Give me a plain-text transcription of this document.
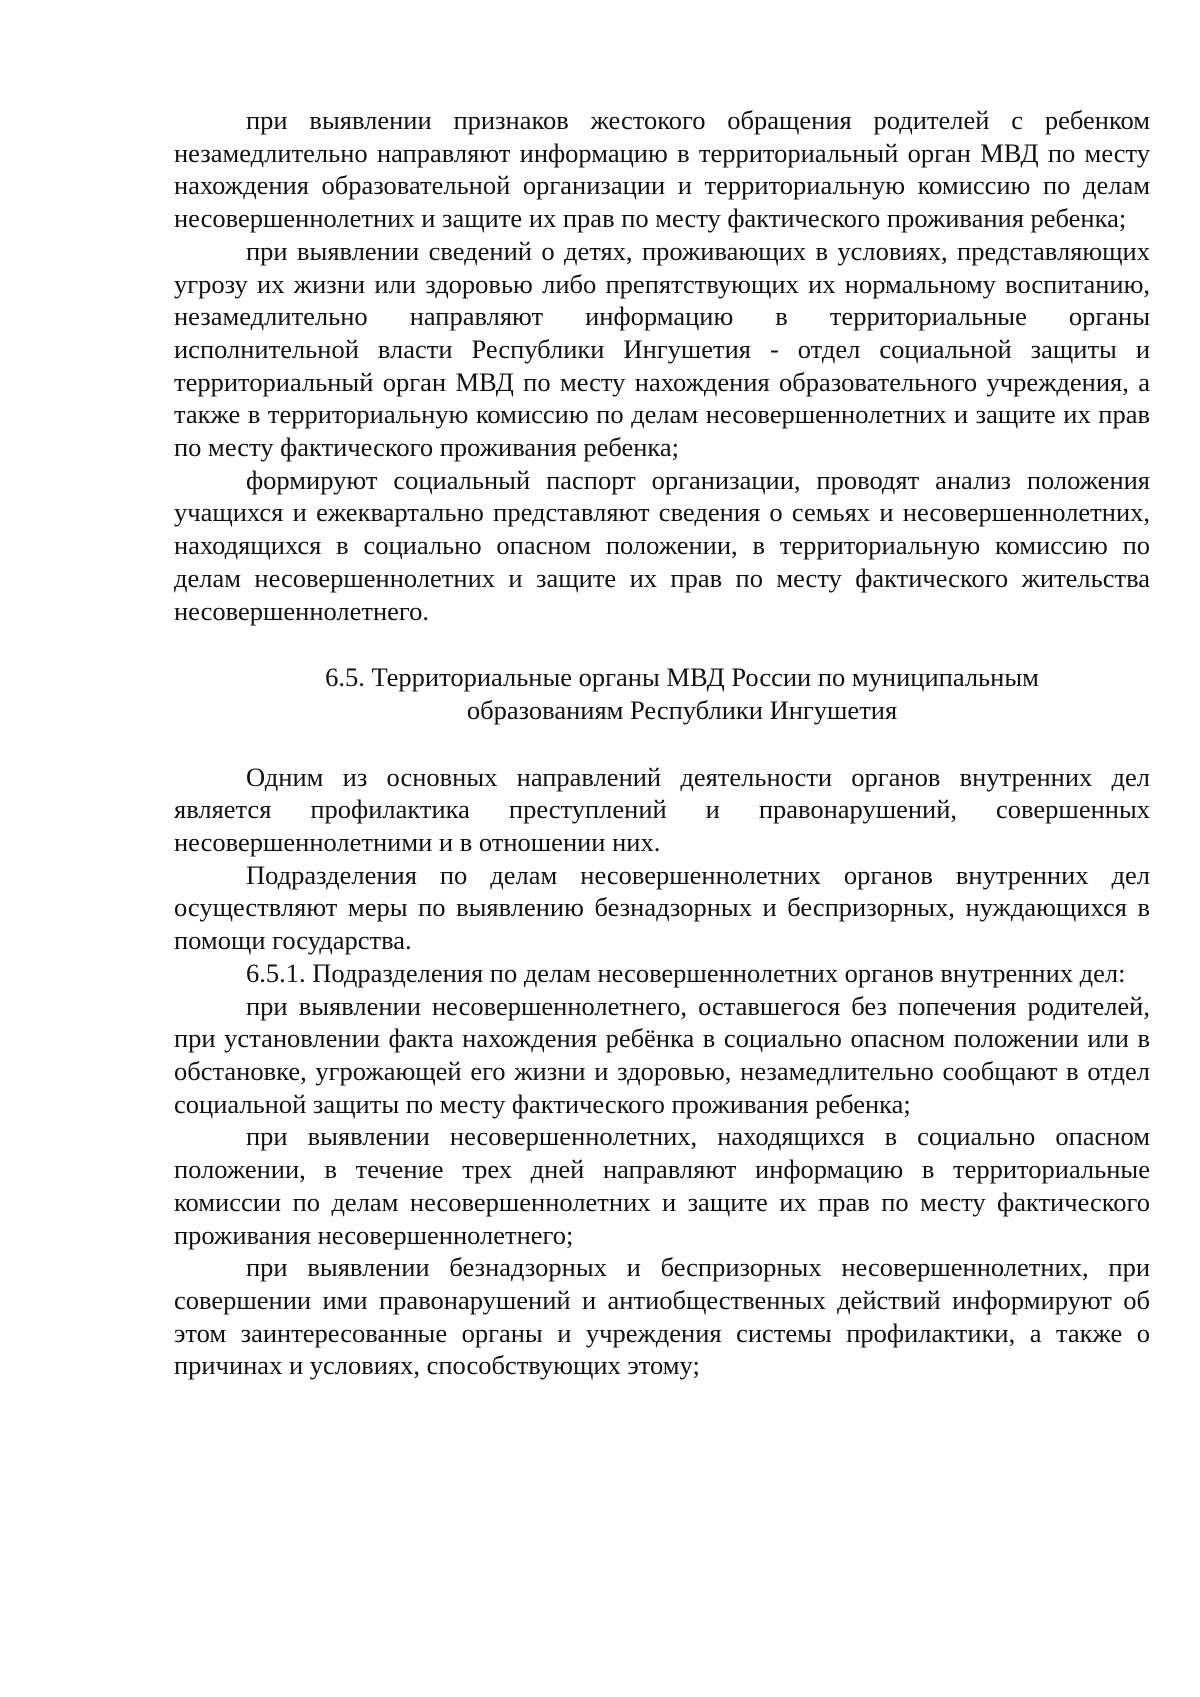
при выявлении признаков жестокого обращения родителей с ребенком незамедлительно направляют информацию в территориальный орган МВД по месту нахождения образовательной организации и территориальную комиссию по делам несовершеннолетних и защите их прав по месту фактического проживания ребенка;

при выявлении сведений о детях, проживающих в условиях, представляющих угрозу их жизни или здоровью либо препятствующих их нормальному воспитанию, незамедлительно направляют информацию в территориальные органы исполнительной власти Республики Ингушетия - отдел социальной защиты и территориальный орган МВД по месту нахождения образовательного учреждения, а также в территориальную комиссию по делам несовершеннолетних и защите их прав по месту фактического проживания ребенка;

формируют социальный паспорт организации, проводят анализ положения учащихся и ежеквартально представляют сведения о семьях и несовершеннолетних, находящихся в социально опасном положении, в территориальную комиссию по делам несовершеннолетних и защите их прав по месту фактического жительства несовершеннолетнего.

6.5. Территориальные органы МВД России по муниципальным

образованиям Республики Ингушетия

Одним из основных направлений деятельности органов внутренних дел является профилактика преступлений и правонарушений, совершенных несовершеннолетними и в отношении них.

Подразделения по делам несовершеннолетних органов внутренних дел осуществляют меры по выявлению безнадзорных и беспризорных, нуждающихся в помощи государства.

6.5.1. Подразделения по делам несовершеннолетних органов внутренних дел:

при выявлении несовершеннолетнего, оставшегося без попечения родителей, при установлении факта нахождения ребёнка в социально опасном положении или в обстановке, угрожающей его жизни и здоровью, незамедлительно сообщают в отдел социальной защиты по месту фактического проживания ребенка;

при выявлении несовершеннолетних, находящихся в социально опасном положении, в течение трех дней направляют информацию в территориальные комиссии по делам несовершеннолетних и защите их прав по месту фактического проживания несовершеннолетнего;

при выявлении безнадзорных и беспризорных несовершеннолетних, при совершении ими правонарушений и антиобщественных действий информируют об этом заинтересованные органы и учреждения системы профилактики, а также о причинах и условиях, способствующих этому;
